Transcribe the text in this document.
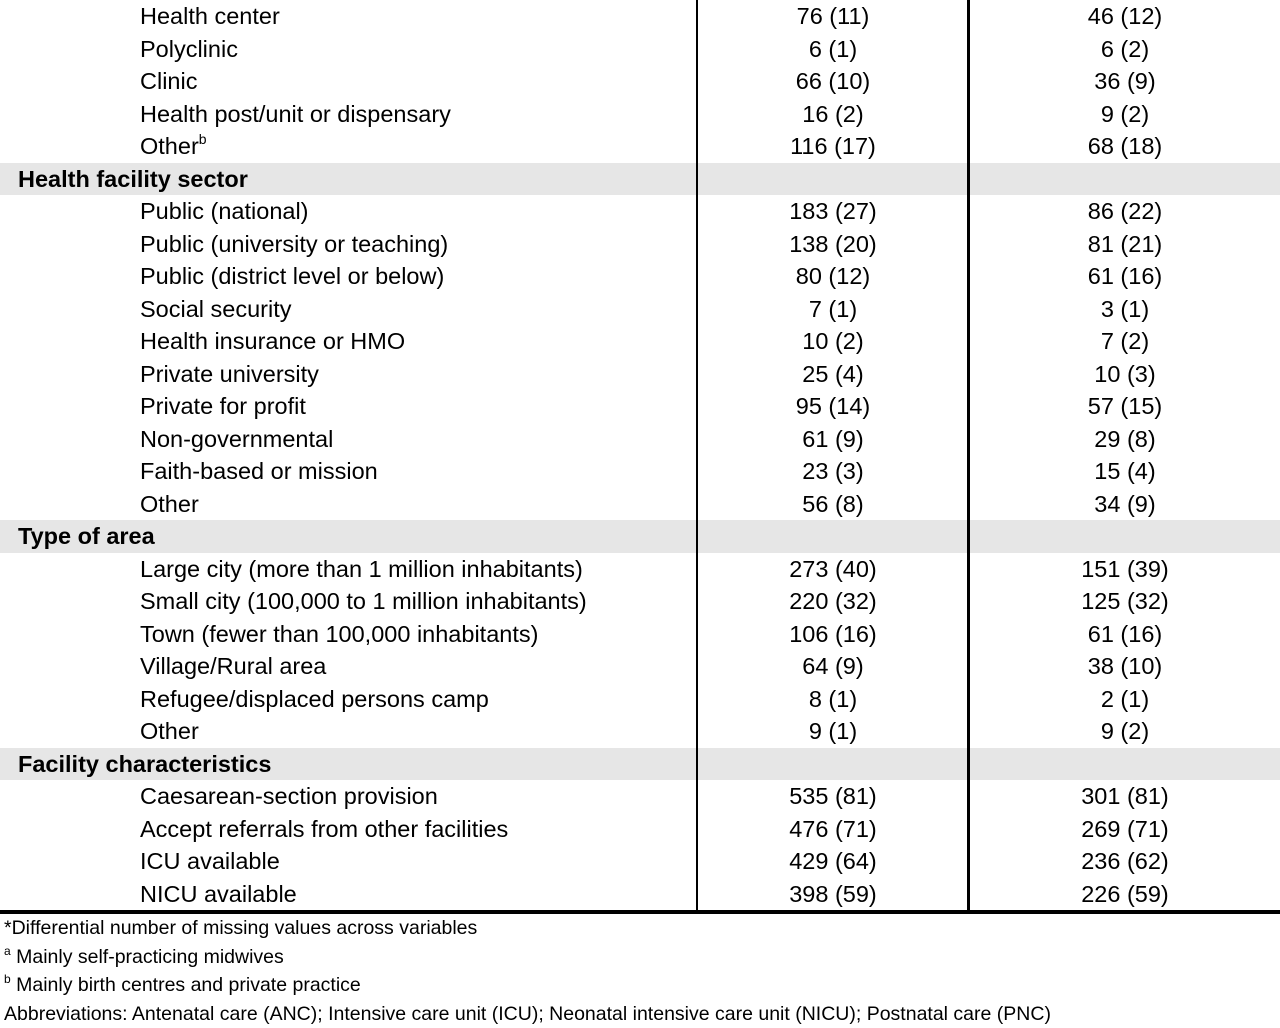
Health center	76 (11)	46 (12)
Polyclinic	6 (1)	6 (2)
Clinic	66 (10)	36 (9)
Health post/unit or dispensary	16 (2)	9 (2)
Other$^b$	116 (17)	68 (18)
Health facility sector
Public (national)	183 (27)	86 (22)
Public (university or teaching)	138 (20)	81 (21)
Public (district level or below)	80 (12)	61 (16)
Social security	7 (1)	3 (1)
Health insurance or HMO	10 (2)	7 (2)
Private university	25 (4)	10 (3)
Private for profit	95 (14)	57 (15)
Non-governmental	61 (9)	29 (8)
Faith-based or mission	23 (3)	15 (4)
Other	56 (8)	34 (9)
Type of area
Large city (more than 1 million inhabitants)	273 (40)	151 (39)
Small city (100,000 to 1 million inhabitants)	220 (32)	125 (32)
Town (fewer than 100,000 inhabitants)	106 (16)	61 (16)
Village/Rural area	64 (9)	38 (10)
Refugee/displaced persons camp	8 (1)	2 (1)
Other	9 (1)	9 (2)
Facility characteristics
Caesarean-section provision	535 (81)	301 (81)
Accept referrals from other facilities	476 (71)	269 (71)
ICU available	429 (64)	236 (62)
NICU available	398 (59)	226 (59)
*Differential number of missing values across variables
$^a$ Mainly self-practicing midwives
$^b$ Mainly birth centres and private practice
Abbreviations: Antenatal care (ANC); Intensive care unit (ICU); Neonatal intensive care unit (NICU); Postnatal care (PNC)
